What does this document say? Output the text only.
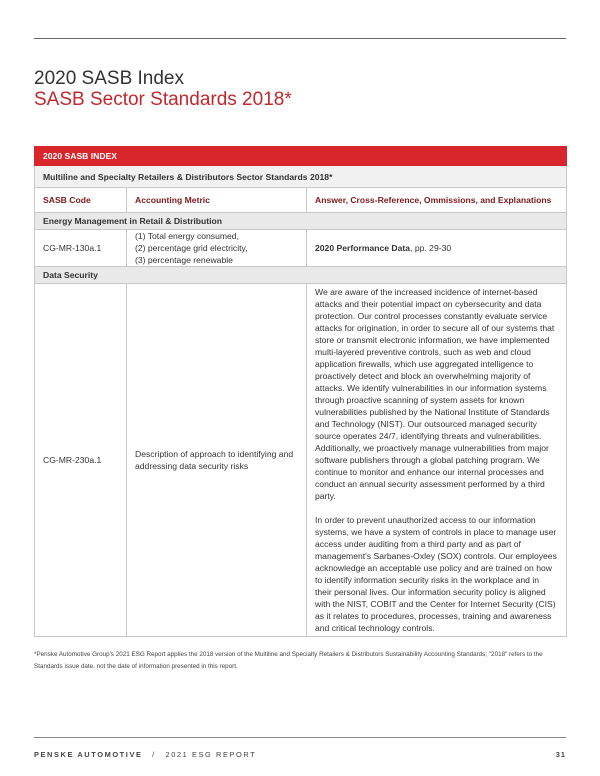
2020 SASB Index
SASB Sector Standards 2018*
2020 SASB INDEX		
Multiline and Specialty Retailers & Distributors Sector Standards 2018*		
SASB Code	Accounting Metric	Answer, Cross-Reference, Ommissions, and Explanations
Energy Management in Retail & Distribution		
CG-MR-130a.1	(1) Total energy consumed,
(2) percentage grid electricity,
(3) percentage renewable	2020 Performance Data, pp. 29-30
Data Security		
CG-MR-230a.1	Description of approach to identifying and addressing data security risks	We are aware of the increased incidence of internet-based attacks and their potential impact on cybersecurity and data protection. Our control processes constantly evaluate service attacks for origination, in order to secure all of our systems that store or transmit electronic information, we have implemented multi-layered preventive controls, such as web and cloud application firewalls, which use aggregated intelligence to proactively detect and block an overwhelming majority of attacks. We identify vulnerabilities in our information systems through proactive scanning of system assets for known vulnerabilities published by the National Institute of Standards and Technology (NIST). Our outsourced managed security source operates 24/7, identifying threats and vulnerabilities. Additionally, we proactively manage vulnerabilities from major software publishers through a global patching program. We continue to monitor and enhance our internal processes and conduct an annual security assessment performed by a third party.

In order to prevent unauthorized access to our information systems, we have a system of controls in place to manage user access under auditing from a third party and as part of management's Sarbanes-Oxley (SOX) controls. Our employees acknowledge an acceptable use policy and are trained on how to identify information security risks in the workplace and in their personal lives. Our information security policy is aligned with the NIST, COBIT and the Center for Internet Security (CIS) as it relates to procedures, processes, training and awareness and critical technology controls.

*Penske Automotive Group's 2021 ESG Report applies the 2018 version of the Multiline and Specialty Retailers & Distributors Sustainability Accounting Standards; "2018" refers to the Standards issue date, not the date of information presented in this report.
PENSKE AUTOMOTIVE / 2021 ESG REPORT	31
